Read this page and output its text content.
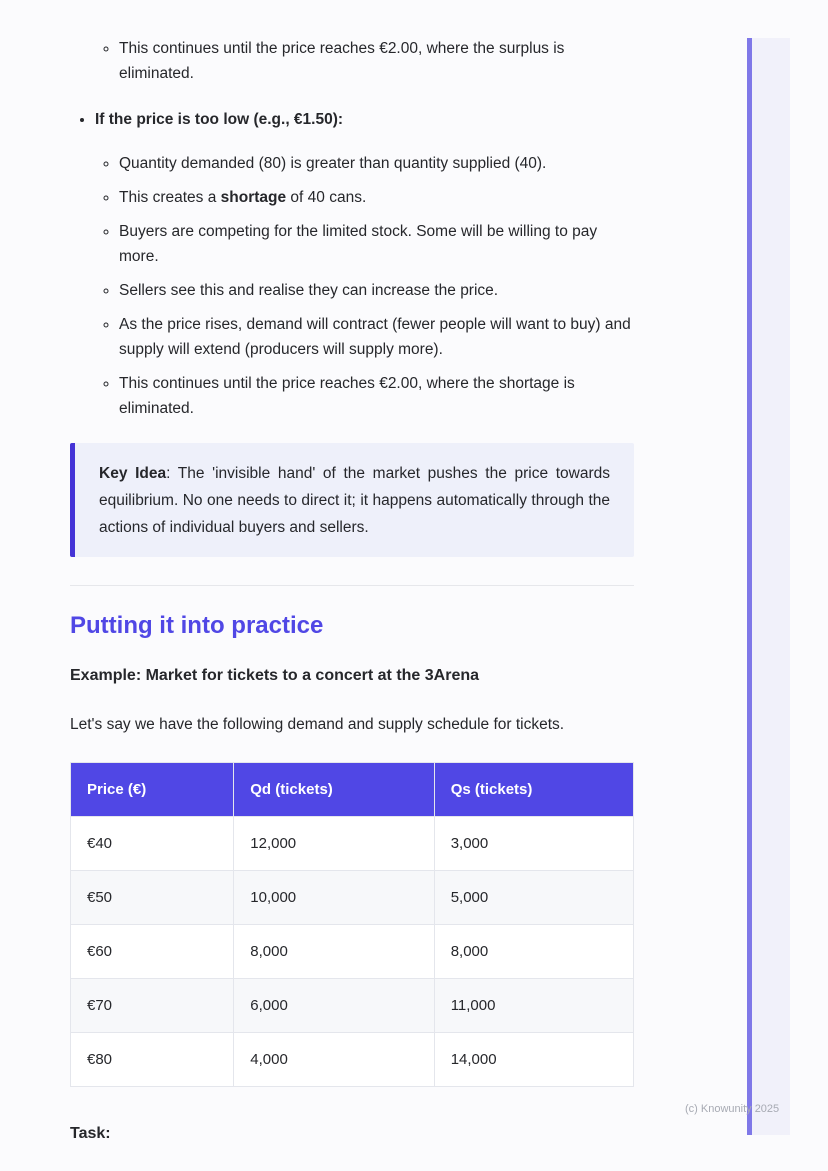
◦ This continues until the price reaches €2.00, where the surplus is eliminated.
• If the price is too low (e.g., €1.50):
◦ Quantity demanded (80) is greater than quantity supplied (40).
◦ This creates a shortage of 40 cans.
◦ Buyers are competing for the limited stock. Some will be willing to pay more.
◦ Sellers see this and realise they can increase the price.
◦ As the price rises, demand will contract (fewer people will want to buy) and supply will extend (producers will supply more).
◦ This continues until the price reaches €2.00, where the shortage is eliminated.
Key Idea: The 'invisible hand' of the market pushes the price towards equilibrium. No one needs to direct it; it happens automatically through the actions of individual buyers and sellers.
Putting it into practice

Example: Market for tickets to a concert at the 3Arena

Let's say we have the following demand and supply schedule for tickets.

Price (€)	Qd (tickets)	Qs (tickets)
€40	12,000	3,000
€50	10,000	5,000
€60	8,000	8,000
€70	6,000	11,000
€80	4,000	14,000

Task:

(c) Knowunity 2025
